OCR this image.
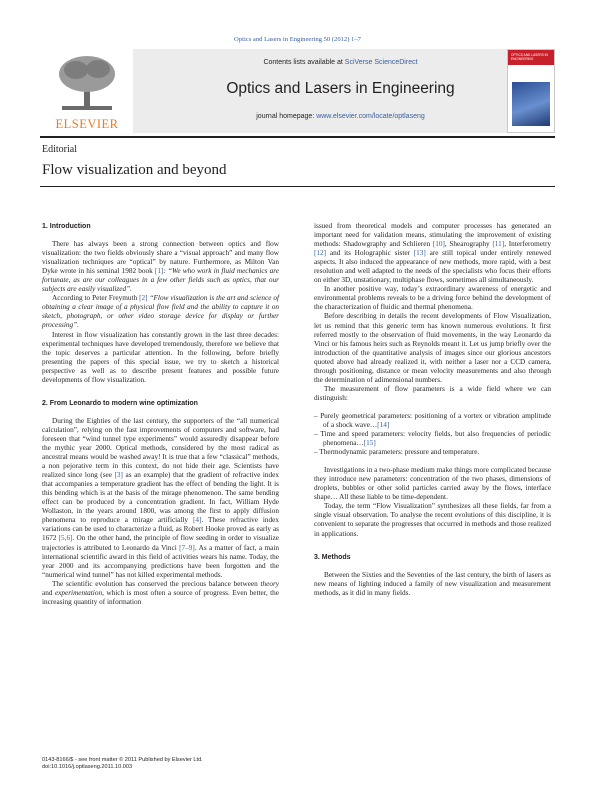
Optics and Lasers in Engineering 50 (2012) 1–7
ELSEVIER
Contents lists available at SciVerse ScienceDirect
Optics and Lasers in Engineering
journal homepage: www.elsevier.com/locate/optlaseng
OPTICS AND LASERS IN ENGINEERING
Editorial
Flow visualization and beyond
1. Introduction

There has always been a strong connection between optics and flow visualization: the two fields obviously share a “visual approach” and many flow visualization techniques are “optical” by nature. Furthermore, as Milton Van Dyke wrote in his seminal 1982 book [1]: “We who work in fluid mechanics are fortunate, as are our colleagues in a few other fields such as optics, that our subjects are easily visualized”.

According to Peter Freymuth [2] “Flow visualization is the art and science of obtaining a clear image of a physical flow field and the ability to capture it on sketch, photograph, or other video storage device for display or further processing”.

Interest in flow visualization has constantly grown in the last three decades: experimental techniques have developed tremendously, therefore we believe that the topic deserves a particular attention. In the following, before briefly presenting the papers of this special issue, we try to sketch a historical perspective as well as to describe present features and possible future developments of flow visualization.

2. From Leonardo to modern wine optimization

During the Eighties of the last century, the supporters of the “all numerical calculation”, relying on the fast improvements of computers and software, had foreseen that “wind tunnel type experiments” would assuredly disappear before the mythic year 2000. Optical methods, considered by the most radical as ancestral means would be washed away! It is true that a few “classical” methods, a non pejorative term in this context, do not hide their age. Scientists have realized since long (see [3] as an example) that the gradient of refractive index that accompanies a temperature gradient has the effect of bending the light. It is this bending which is at the basis of the mirage phenomenon. The same bending effect can be produced by a concentration gradient. In fact, William Hyde Wollaston, in the years around 1800, was among the first to apply diffusion phenomena to reproduce a mirage artificially [4]. These refractive index variations can be used to characterize a fluid, as Robert Hooke proved as early as 1672 [5,6]. On the other hand, the principle of flow seeding in order to visualize trajectories is attributed to Leonardo da Vinci [7–9]. As a matter of fact, a main international scientific award in this field of activities wears his name. Today, the year 2000 and its accompanying predictions have been forgotten and the “numerical wind tunnel” has not killed experimental methods.

The scientific evolution has conserved the precious balance between theory and experimentation, which is most often a source of progress. Even better, the increasing quantity of information

issued from theoretical models and computer processes has generated an important need for validation means, stimulating the improvement of existing methods: Shadowgraphy and Schlieren [10], Shearography [11], Interferometry [12] and its Holographic sister [13] are still topical under entirely renewed aspects. It also induced the appearance of new methods, more rapid, with a best resolution and well adapted to the needs of the specialists who focus their efforts on either 3D, unstationary, multiphase flows, sometimes all simultaneously.

In another positive way, today’s extraordinary awareness of energetic and environmental problems reveals to be a driving force behind the development of the characterization of fluidic and thermal phenomena.

Before describing in details the recent developments of Flow Visualization, let us remind that this generic term has known numerous evolutions. It first referred mostly to the observation of fluid movements, in the way Leonardo da Vinci or his famous heirs such as Reynolds meant it. Let us jump briefly over the introduction of the quantitative analysis of images since our glorious ancestors quoted above had already realized it, with neither a laser nor a CCD camera, through positioning, distance or mean velocity measurements and also through the determination of adimensional numbers.

The measurement of flow parameters is a wide field where we can distinguish:

– Purely geometrical parameters: positioning of a vortex or vibration amplitude of a shock wave…[14]
– Time and speed parameters: velocity fields, but also frequencies of periodic phenomena…[15]
– Thermodynamic parameters: pressure and temperature.

Investigations in a two-phase medium make things more complicated because they introduce new parameters: concentration of the two phases, dimensions of droplets, bubbles or other solid particles carried away by the flows, interface shape… All these liable to be time-dependent.

Today, the term “Flow Visualization” synthesizes all these fields, far from a single visual observation. To analyse the recent evolutions of this discipline, it is convenient to separate the progresses that occurred in methods and those realized in applications.

3. Methods

Between the Sixties and the Seventies of the last century, the birth of lasers as new means of lighting induced a family of new visualization and measurement methods, as it did in many fields.

0143-8166/$ - see front matter © 2011 Published by Elsevier Ltd.
doi:10.1016/j.optlaseng.2011.10.003
